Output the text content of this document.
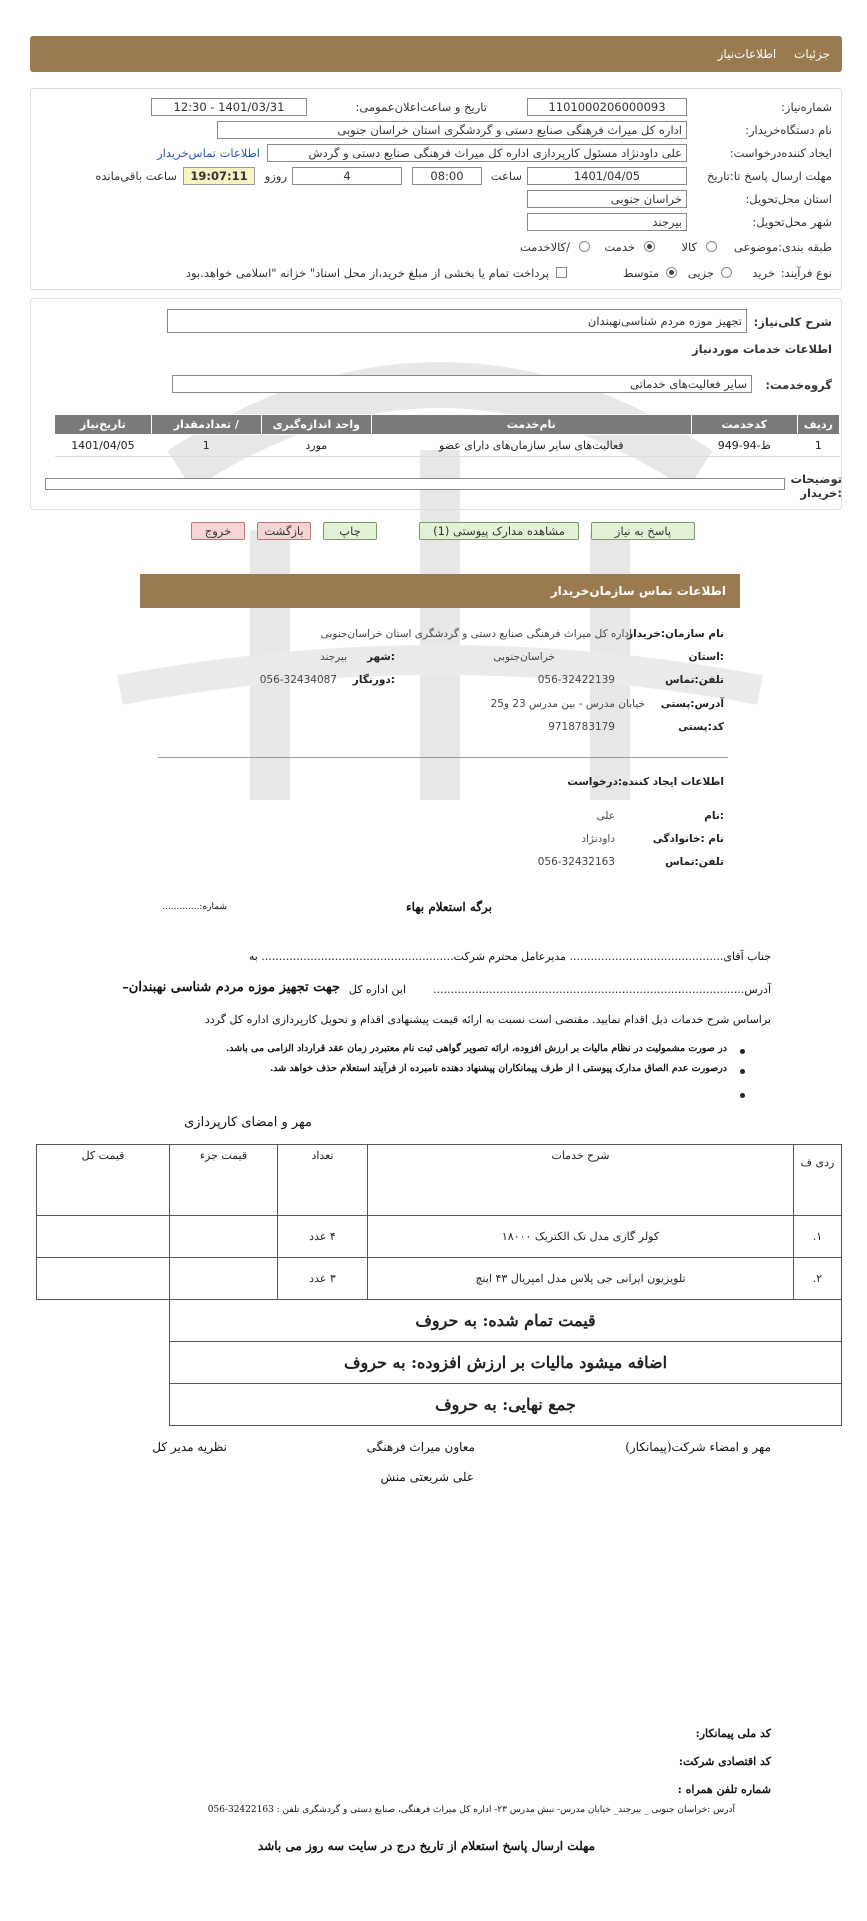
جزئیات اطلاعات‌نیاز
شماره‌نیاز:
1101000206000093
تاریخ و ساعت‌اعلان‌عمومی:
1401/03/31 - 12:30
نام دستگاه‌خریدار:
اداره کل میراث فرهنگی صنایع دستی و گردشگری استان خراسان جنوبی
ایجاد کننده‌درخواست:
علی داودنژاد مسئول کارپردازی اداره کل میراث فرهنگی صنایع دستی و گردش
اطلاعات تماس‌خریدار
مهلت ارسال پاسخ تا:تاریخ
1401/04/05
ساعت
08:00
4
روزو
19:07:11
ساعت باقی‌مانده
استان محل‌تحویل:
خراسان جنوبی
شهر محل‌تحویل:
بیرجند
طبقه بندی:موضوعی
کالا
خدمت
/کالاخدمت
نوع فرآیند:
خرید
جزیی
متوسط
پرداخت تمام یا بخشی از مبلغ خرید،از محل اسناد" خزانه "اسلامی خواهد.بود
شرح کلی‌نیاز:
تجهیز موزه مردم شناسی‌نهبندان
اطلاعات خدمات موردنیاز
گروه‌خدمت:
سایر فعالیت‌های خدماتی
ردیف	کدخدمت	نام‌خدمت	واحد اندازه‌گیری	/ تعداد‌مقدار	تاریخ‌نیاز
1	ط-94-949	فعالیت‌های سایر سازمان‌های دارای عضو	مورد	1	1401/04/05
توضیحات :خریدار
پاسخ به نیاز
مشاهده مدارک پیوستی (1)
چاپ
بازگشت
خروج
اطلاعات تماس سازمان‌خریدار
نام سازمان:خریدار
اداره کل میراث فرهنگی صنایع دستی و گردشگری استان خراسان‌جنوبی
:استان
خراسان‌جنوبی
:شهر
بیرجند
تلفن:تماس
056-32422139
:دورنگار
056-32434087
آدرس:پستی
خیابان مدرس - بین مدرس 23 و25
کد:پستی
9718783179
اطلاعات ایجاد کننده:درخواست
:نام
علی
نام :خانوادگی
داودنژاد
تلفن:تماس
056-32432163
برگه استعلام بهاء
شماره:.............
جناب آقای............................................ مدیرعامل محترم شرکت....................................................... به
آدرس.........................................................................................
این اداره کل
جهت تجهیز موزه مردم شناسی نهبندان–
براساس شرح خدمات ذیل اقدام نمایید. مقتضی است نسبت به ارائه قیمت پیشنهادی اقدام و تحویل کارپردازی اداره کل گردد
در صورت مشمولیت در نظام مالیات بر ارزش افزوده، ارائه تصویر گواهی ثبت نام معتبردر زمان عقد قرارداد الزامی می باشد.
درصورت عدم الصاق مدارک پیوستی ا از طرف پیمانکاران پیشنهاد دهنده نامبرده از فرآیند استعلام حذف خواهد شد.
مهر و امضای کارپردازی
ردی ف	شرح خدمات	تعداد	قیمت جزء	قیمت کل
١.	کولر گازی مدل تک الکتریک ۱۸۰۰۰	۴ عدد		
٢.	تلویزیون ایرانی جی پلاس مدل امپریال ۴۳ اینچ	۳ عدد		
قیمت تمام شده: به حروف				
اضافه میشود مالیات بر ارزش افزوده: به حروف				
جمع نهایی: به حروف				
مهر و امضاء شرکت(پیمانکار)
معاون میراث فرهنگی
علی شریعتی منش
نظریه مدیر کل
کد ملی پیمانکار:
کد اقتصادی شرکت:
شماره تلفن همراه :
آدرس :خراسان جنوبی _ بیرجند_ خیابان مدرس- نبش مدرس ۲۳- اداره کل میراث فرهنگی، صنایع دستی و گردشگری تلفن : 32422163-056
مهلت ارسال پاسخ استعلام از تاریخ درج در سایت سه روز می باشد
